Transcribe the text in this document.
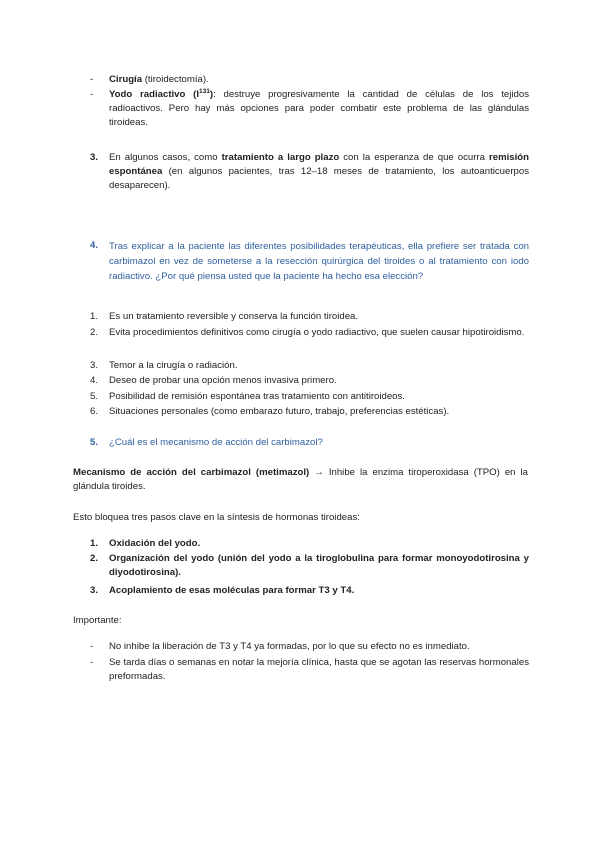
- Cirugía (tiroidectomía).
- Yodo radiactivo $(I^{131})$: destruye progresivamente la cantidad de células de los tejidos radioactivos. Pero hay más opciones para poder combatir este problema de las glándulas tiroideas.
3. En algunos casos, como tratamiento a largo plazo con la esperanza de que ocurra remisión espontánea (en algunos pacientes, tras 12–18 meses de tratamiento, los autoanticuerpos desaparecen).
4. Tras explicar a la paciente las diferentes posibilidades terapéuticas, ella prefiere ser tratada con carbimazol en vez de someterse a la resección quirúrgica del tiroides o al tratamiento con iodo radiactivo. ¿Por qué piensa usted que la paciente ha hecho esa elección?
1. Es un tratamiento reversible y conserva la función tiroidea.
2. Evita procedimientos definitivos como cirugía o yodo radiactivo, que suelen causar hipotiroidismo.
3. Temor a la cirugía o radiación.
4. Deseo de probar una opción menos invasiva primero.
5. Posibilidad de remisión espontánea tras tratamiento con antitiroideos.
6. Situaciones personales (como embarazo futuro, trabajo, preferencias estéticas).
5. ¿Cuál es el mecanismo de acción del carbimazol?
Mecanismo de acción del carbimazol (metimazol) → Inhibe la enzima tiroperoxidasa (TPO) en la glándula tiroides.
Esto bloquea tres pasos clave en la síntesis de hormonas tiroideas:
1. Oxidación del yodo.
2. Organización del yodo (unión del yodo a la tiroglobulina para formar monoyodotirosina y diyodotirosina).
3. Acoplamiento de esas moléculas para formar T3 y T4.
Importante:
- No inhibe la liberación de T3 y T4 ya formadas, por lo que su efecto no es inmediato.
- Se tarda días o semanas en notar la mejoría clínica, hasta que se agotan las reservas hormonales preformadas.
